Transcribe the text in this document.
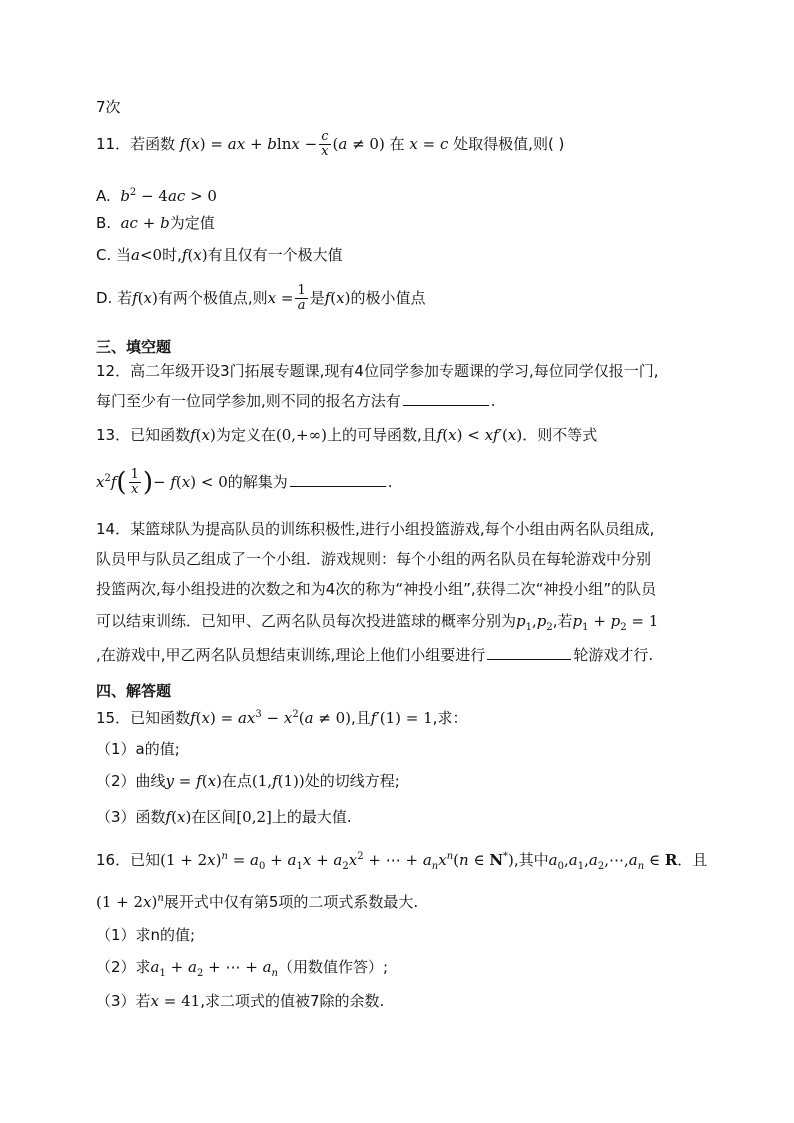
7次
11．若函数 f(x) = ax + $blnx - \frac{c}{x} (a \ne 0)$ 在 x = c 处取得极值,则( )
A.  $b^2 - 4ac > 0$
B.  ac + b为定值
C. 当a<0时,f(x)有且仅有一个极大值
D. 若f(x)有两个极值点,则$x = \frac{1}{a}$ 是f(x)的极小值点
三、填空题
12．高二年级开设3门拓展专题课,现有4位同学参加专题课的学习,每位同学仅报一门,
每门至少有一位同学参加,则不同的报名方法有	.
13．已知函数f(x)为定义在(0,+∞)上的可导函数,且f(x) < xf′(x)．则不等式
$x^2f( \frac{1}{x}$ )− f(x) < 0的解集为	.
14．某篮球队为提高队员的训练积极性,进行小组投篮游戏,每个小组由两名队员组成,
队员甲与队员乙组成了一个小组．游戏规则：每个小组的两名队员在每轮游戏中分别
投篮两次,每小组投进的次数之和为4次的称为“神投小组”,获得二次“神投小组”的队员
可以结束训练．已知甲、乙两名队员每次投进篮球的概率分别为$p_1,p_2$,若$p_1 + p_2 = 1$
,在游戏中,甲乙两名队员想结束训练,理论上他们小组要进行	轮游戏才行.
四、解答题
15．已知函数$f(x) = ax^3 - x^2(a \ne 0)$,且f′(1) = 1,求：
（1）a的值;
（2）曲线y = f(x)在点(1,f(1))处的切线方程;
（3）函数f(x)在区间[0,2]上的最大值.
16．已知$(1 + 2x)^n = a_0 + a_1x + a_2x^2$ + ⋯ + $a_nx^n(n$ ∈ N*),其中$a_0,a_1,a_2,\cdots,a_n$ ∈ R．且
$(1 + 2x)^n$展开式中仅有第5项的二项式系数最大.
（1）求n的值;
（2）求$a_1 + a_2$ + ⋯ + $a_n$（用数值作答）;
（3）若x = 41,求二项式的值被7除的余数.
